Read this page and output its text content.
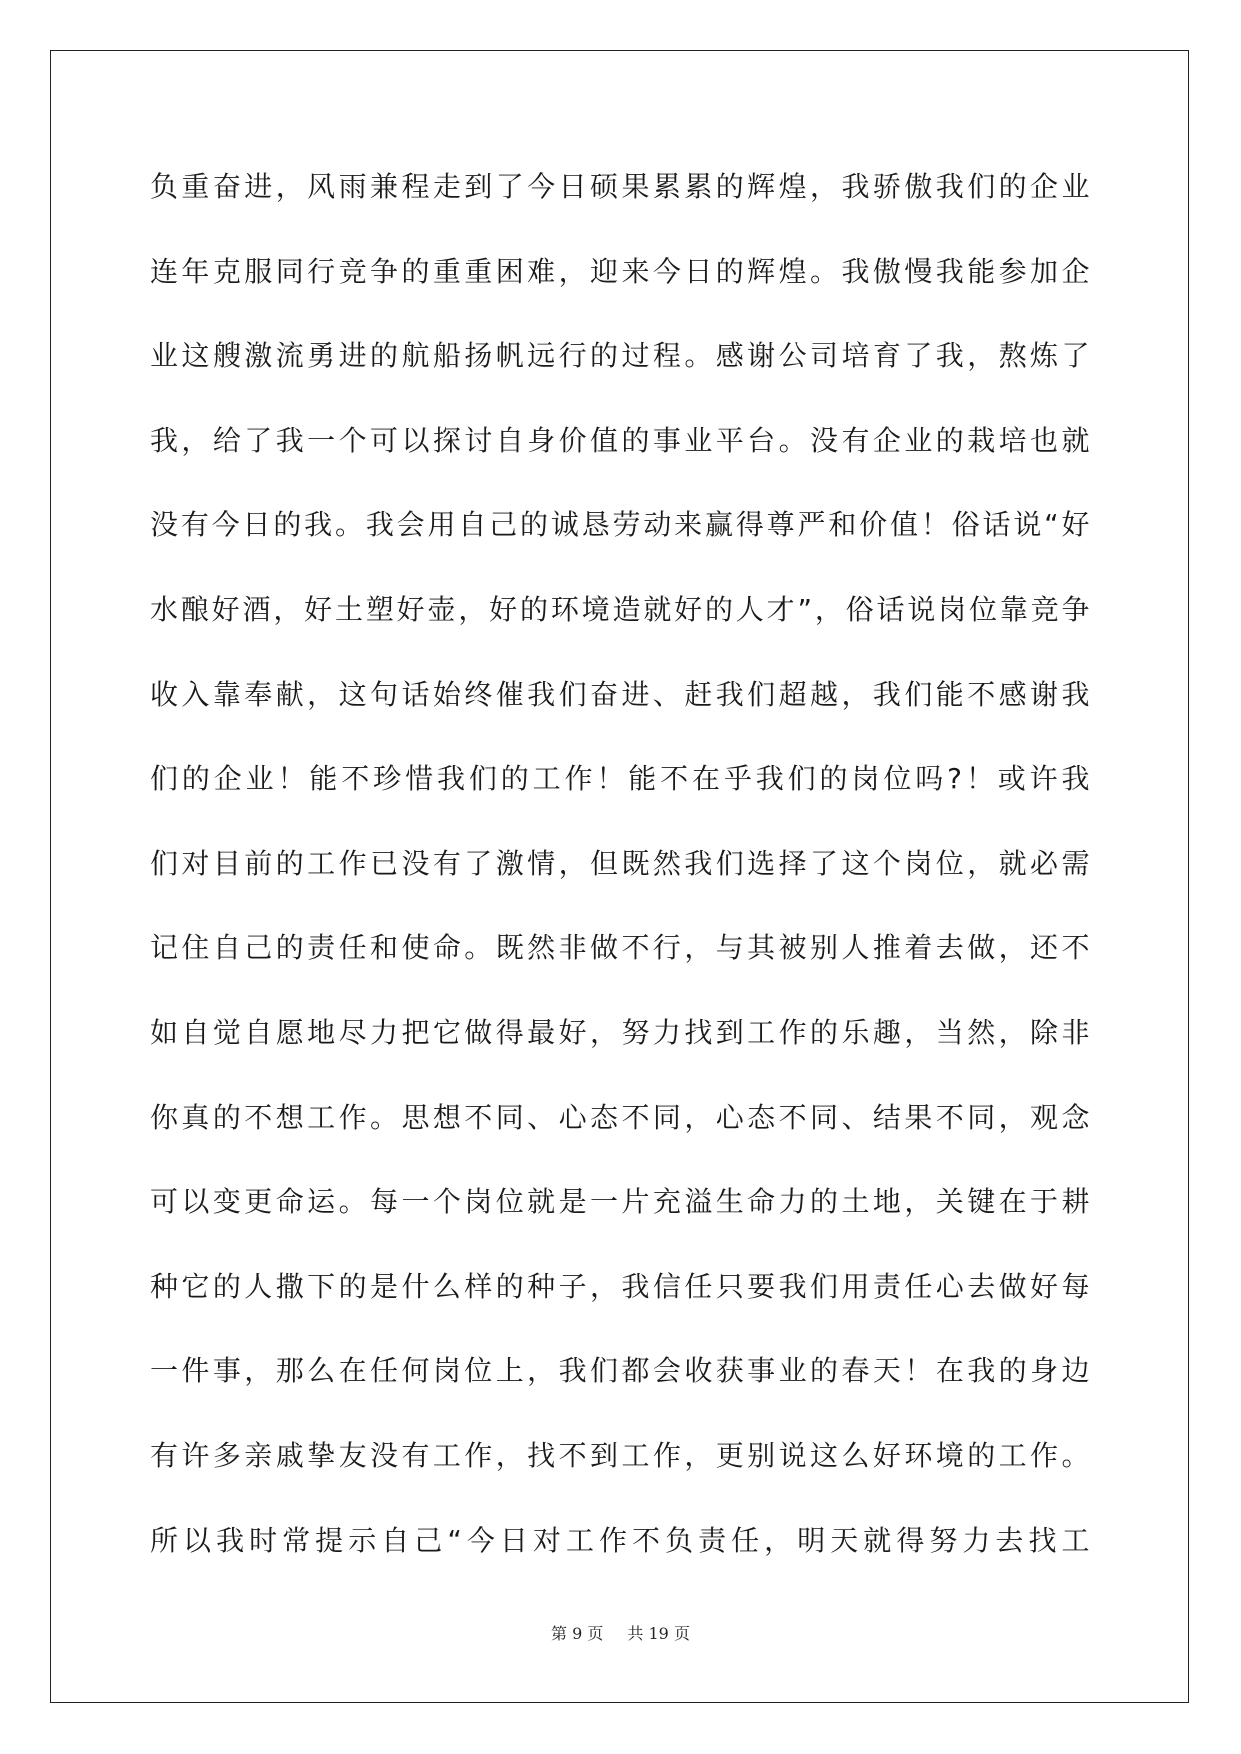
负重奋进，风雨兼程走到了今日硕果累累的辉煌，我骄傲我们的企业
连年克服同行竞争的重重困难，迎来今日的辉煌。我傲慢我能参加企
业这艘激流勇进的航船扬帆远行的过程。感谢公司培育了我，熬炼了
我，给了我一个可以探讨自身价值的事业平台。没有企业的栽培也就
没有今日的我。我会用自己的诚恳劳动来赢得尊严和价值！俗话说“好
水酿好酒，好土塑好壶，好的环境造就好的人才”，俗话说岗位靠竞争
收入靠奉献，这句话始终催我们奋进、赶我们超越，我们能不感谢我
们的企业！能不珍惜我们的工作！能不在乎我们的岗位吗?！或许我
们对目前的工作已没有了激情，但既然我们选择了这个岗位，就必需
记住自己的责任和使命。既然非做不行，与其被别人推着去做，还不
如自觉自愿地尽力把它做得最好，努力找到工作的乐趣，当然，除非
你真的不想工作。思想不同、心态不同，心态不同、结果不同，观念
可以变更命运。每一个岗位就是一片充溢生命力的土地，关键在于耕
种它的人撒下的是什么样的种子，我信任只要我们用责任心去做好每
一件事，那么在任何岗位上，我们都会收获事业的春天！在我的身边
有许多亲戚挚友没有工作，找不到工作，更别说这么好环境的工作。
所以我时常提示自己“今日对工作不负责任，明天就得努力去找工
第 9 页 共 19 页
